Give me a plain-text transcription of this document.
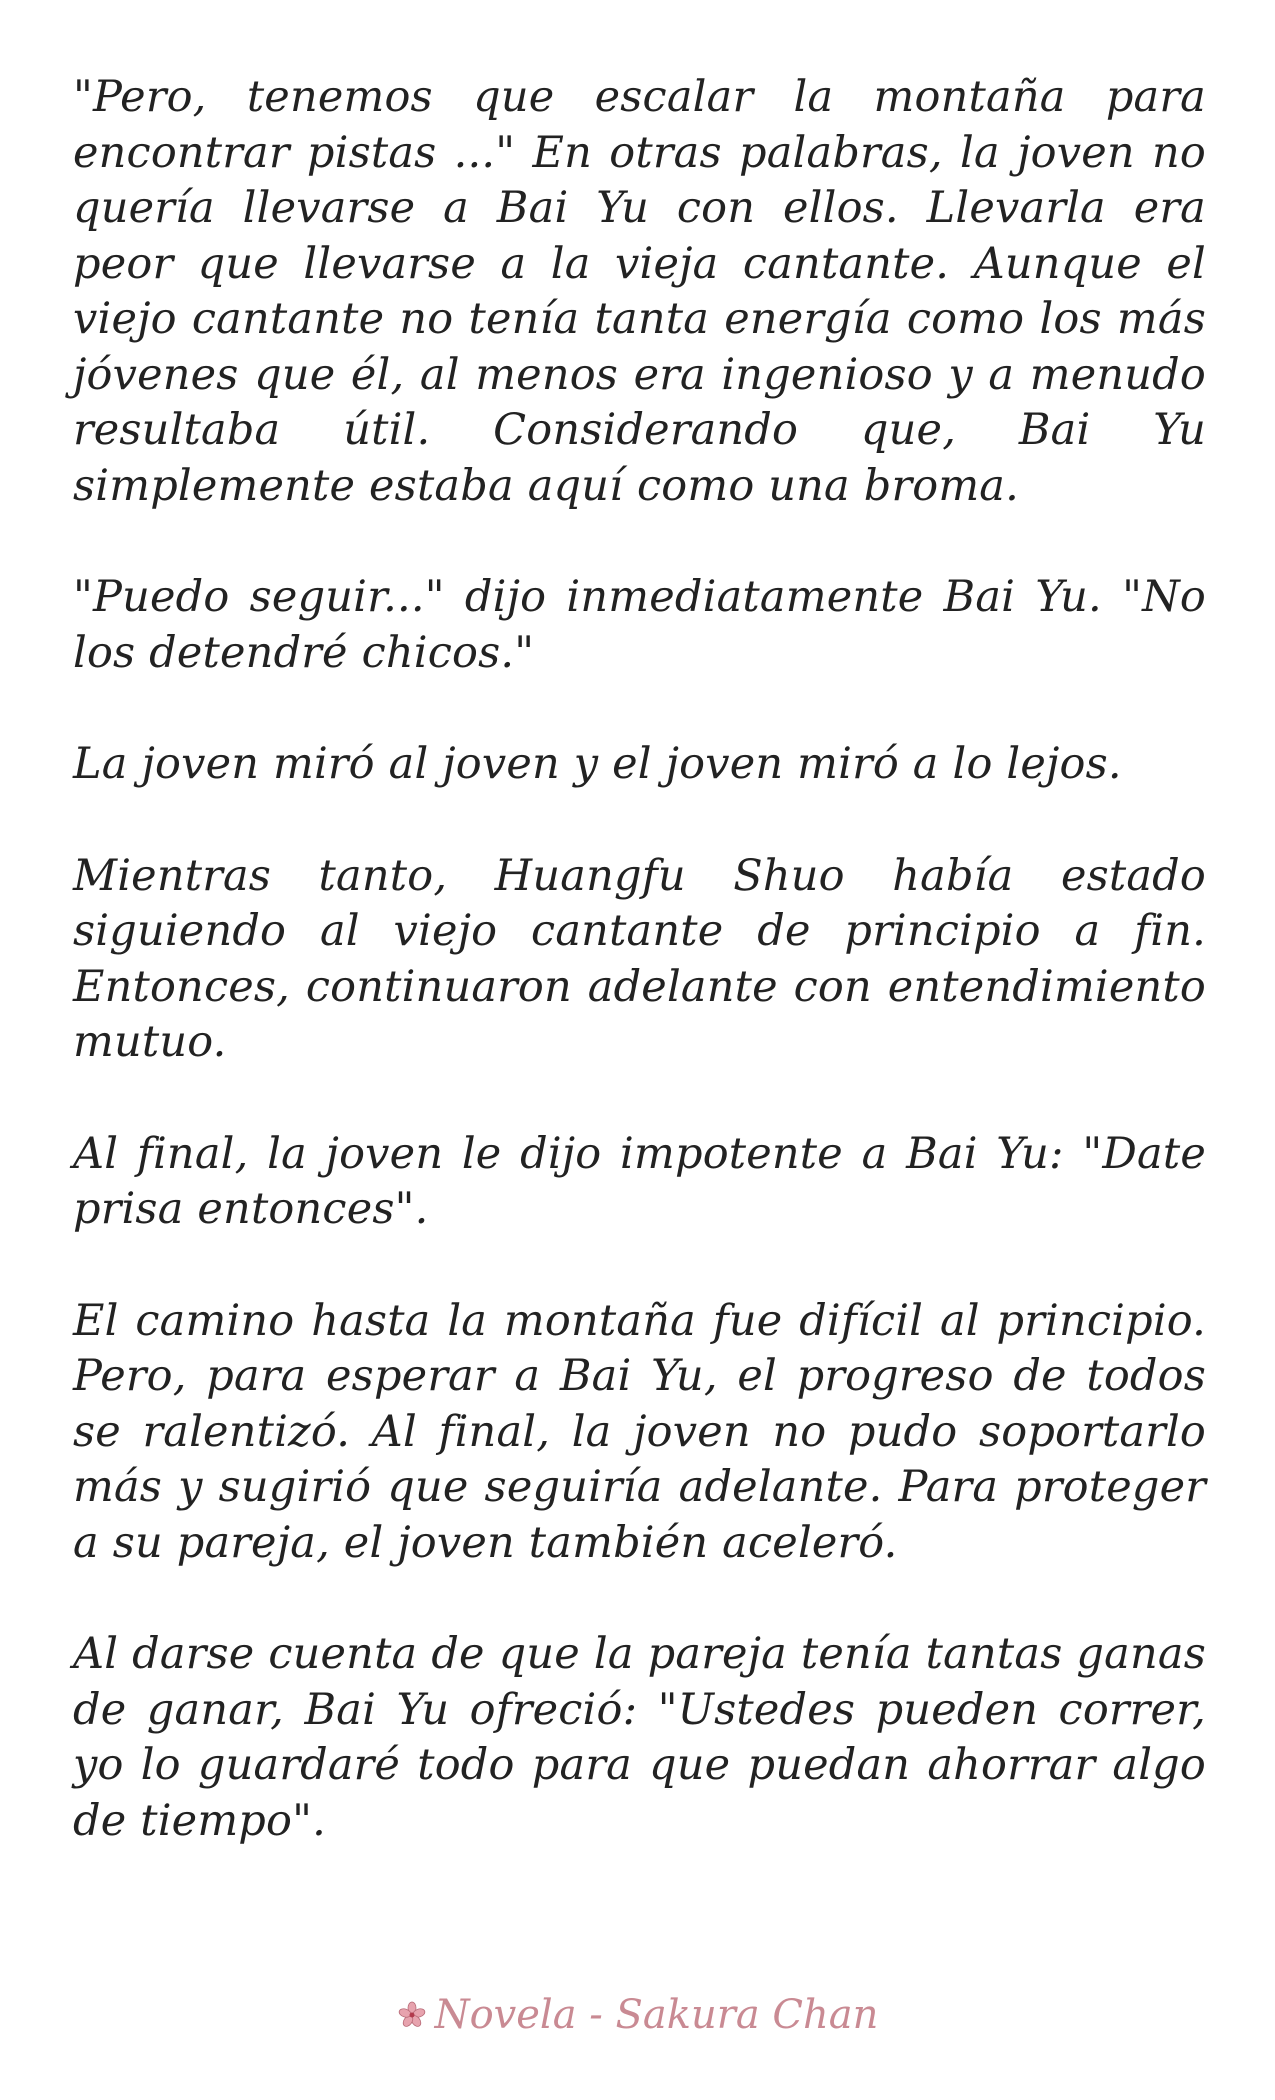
"Pero, tenemos que escalar la montaña para encontrar pistas ..." En otras palabras, la joven no quería llevarse a Bai Yu con ellos. Llevarla era peor que llevarse a la vieja cantante. Aunque el viejo cantante no tenía tanta energía como los más jóvenes que él, al menos era ingenioso y a menudo resultaba útil. Considerando que, Bai Yu simplemente estaba aquí como una broma.

"Puedo seguir..." dijo inmediatamente Bai Yu. "No los detendré chicos."

La joven miró al joven y el joven miró a lo lejos.

Mientras tanto, Huangfu Shuo había estado siguiendo al viejo cantante de principio a fin. Entonces, continuaron adelante con entendimiento mutuo.

Al final, la joven le dijo impotente a Bai Yu: "Date prisa entonces".

El camino hasta la montaña fue difícil al principio. Pero, para esperar a Bai Yu, el progreso de todos se ralentizó. Al final, la joven no pudo soportarlo más y sugirió que seguiría adelante. Para proteger a su pareja, el joven también aceleró.

Al darse cuenta de que la pareja tenía tantas ganas de ganar, Bai Yu ofreció: "Ustedes pueden correr, yo lo guardaré todo para que puedan ahorrar algo de tiempo".

Novela - Sakura Chan
